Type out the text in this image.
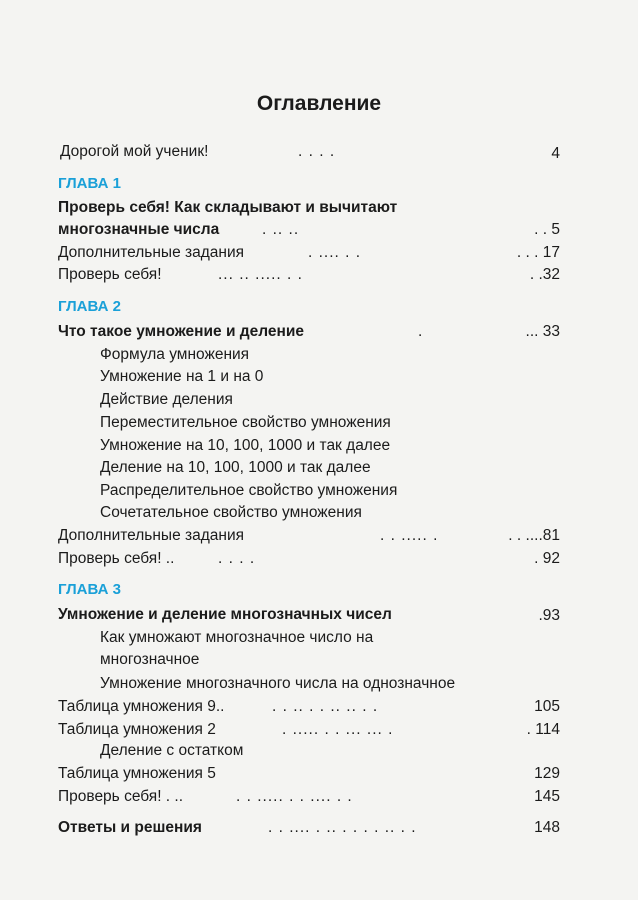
Оглавление
Дорогой мой ученик!	. . . .	4
ГЛАВА 1
Проверь себя! Как складывают и вычитают
многозначные числа	. .. ..	. . 5
Дополнительные задания	. .... . .	. . . 17
Проверь себя!	... .. ..... . .	. .32
ГЛАВА 2
Что такое умножение и деление	.	... 33
Формула умножения
Умножение на 1 и на 0
Действие деления
Переместительное свойство умножения
Умножение на 10, 100, 1000 и так далее
Деление на 10, 100, 1000 и так далее
Распределительное свойство умножения
Сочетательное свойство умножения
Дополнительные задания	. . ..... .	. . ....81
Проверь себя! ..	. . . .	. 92
ГЛАВА 3
Умножение и деление многозначных чисел	.93
Как умножают многозначное число на
многозначное
Умножение многозначного числа на однозначное
Таблица умножения 9..	. . .. . . .. .. . .	105
Таблица умножения 2	. ..... . . ... ... .	. 114
Деление с остатком
Таблица умножения 5	129
Проверь себя! . ..	. . ..... . . .... . .	145
Ответы и решения	. . .... . .. . . . . .. . .	148
